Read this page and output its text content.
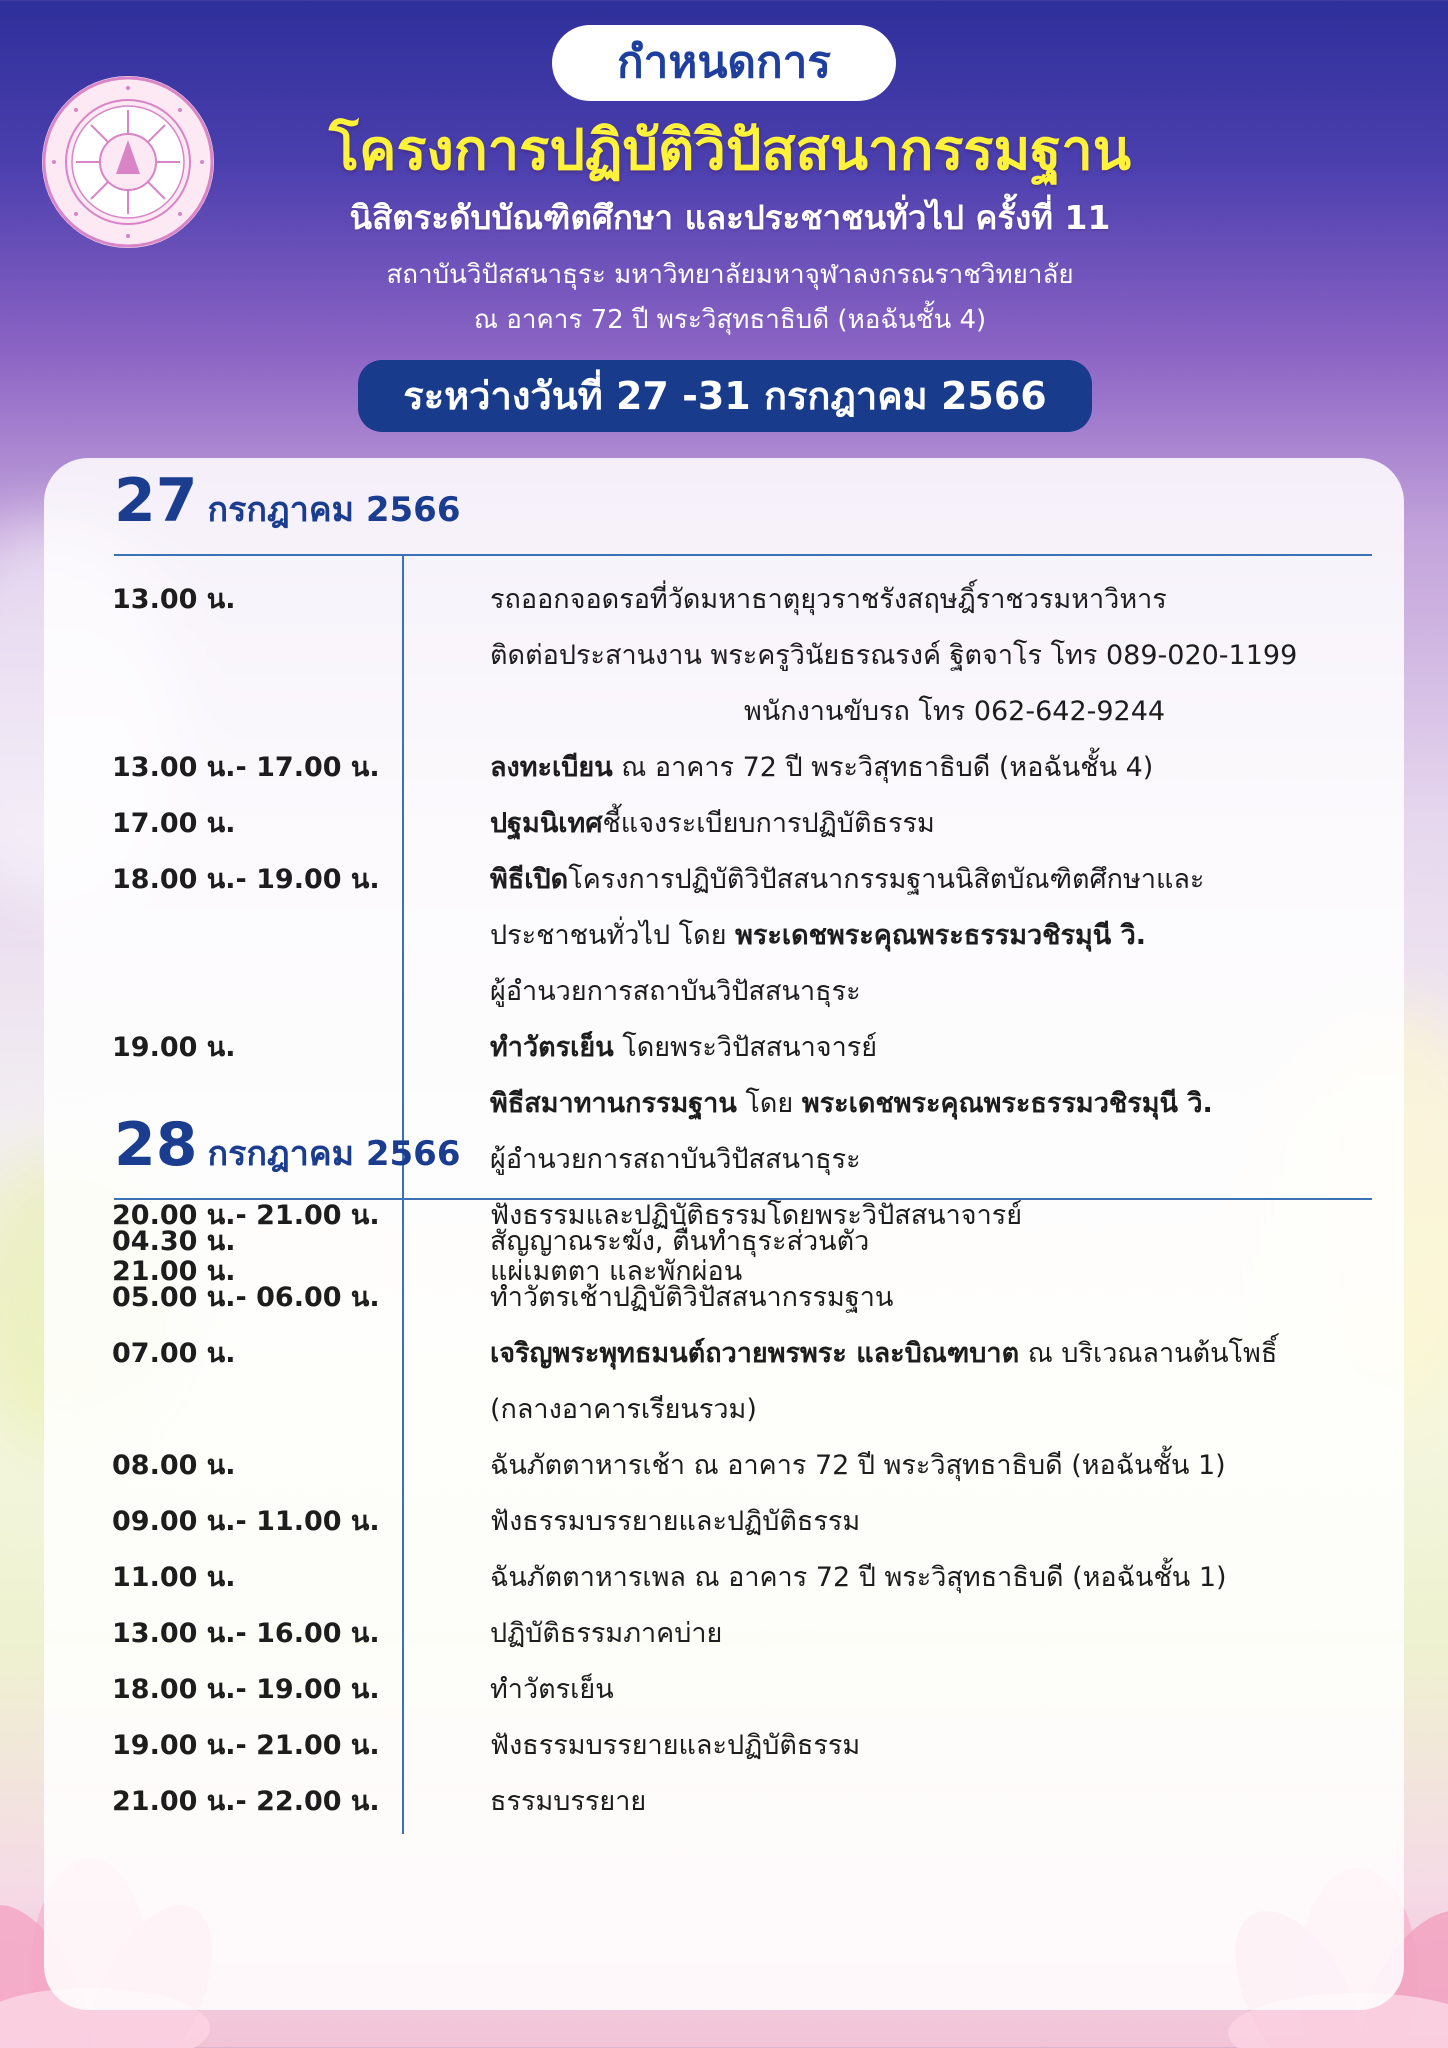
กำหนดการ
โครงการปฏิบัติวิปัสสนากรรมฐาน
นิสิตระดับบัณฑิตศึกษา และประชาชนทั่วไป ครั้งที่ 11
สถาบันวิปัสสนาธุระ มหาวิทยาลัยมหาจุฬาลงกรณราชวิทยาลัย
ณ อาคาร 72 ปี พระวิสุทธาธิบดี (หอฉันชั้น 4)
ระหว่างวันที่ 27 -31 กรกฎาคม 2566
27 กรกฎาคม 2566
13.00 น.	รถออกจอดรอที่วัดมหาธาตุยุวราชรังสฤษฎิ์ราชวรมหาวิหาร
ติดต่อประสานงาน พระครูวินัยธรณรงค์ ฐิตจาโร โทร 089-020-1199
พนักงานขับรถ โทร 062-642-9244
13.00 น.- 17.00 น.	ลงทะเบียน ณ อาคาร 72 ปี พระวิสุทธาธิบดี (หอฉันชั้น 4)
17.00 น.	ปฐมนิเทศชี้แจงระเบียบการปฏิบัติธรรม
18.00 น.- 19.00 น.	พิธีเปิดโครงการปฏิบัติวิปัสสนากรรมฐานนิสิตบัณฑิตศึกษาและ
ประชาชนทั่วไป โดย พระเดชพระคุณพระธรรมวชิรมุนี วิ.
ผู้อำนวยการสถาบันวิปัสสนาธุระ
19.00 น.	ทำวัตรเย็น โดยพระวิปัสสนาจารย์
พิธีสมาทานกรรมฐาน โดย พระเดชพระคุณพระธรรมวชิรมุนี วิ.
ผู้อำนวยการสถาบันวิปัสสนาธุระ
20.00 น.- 21.00 น.	ฟังธรรมและปฏิบัติธรรมโดยพระวิปัสสนาจารย์
21.00 น.	แผ่เมตตา และพักผ่อน
28 กรกฎาคม 2566
04.30 น.	สัญญาณระฆัง, ตื่นทำธุระส่วนตัว
05.00 น.- 06.00 น.	ทำวัตรเช้าปฏิบัติวิปัสสนากรรมฐาน
07.00 น.	เจริญพระพุทธมนต์ถวายพรพระ และบิณฑบาต ณ บริเวณลานต้นโพธิ์
(กลางอาคารเรียนรวม)
08.00 น.	ฉันภัตตาหารเช้า ณ อาคาร 72 ปี พระวิสุทธาธิบดี (หอฉันชั้น 1)
09.00 น.- 11.00 น.	ฟังธรรมบรรยายและปฏิบัติธรรม
11.00 น.	ฉันภัตตาหารเพล ณ อาคาร 72 ปี พระวิสุทธาธิบดี (หอฉันชั้น 1)
13.00 น.- 16.00 น.	ปฏิบัติธรรมภาคบ่าย
18.00 น.- 19.00 น.	ทำวัตรเย็น
19.00 น.- 21.00 น.	ฟังธรรมบรรยายและปฏิบัติธรรม
21.00 น.- 22.00 น.	ธรรมบรรยาย
